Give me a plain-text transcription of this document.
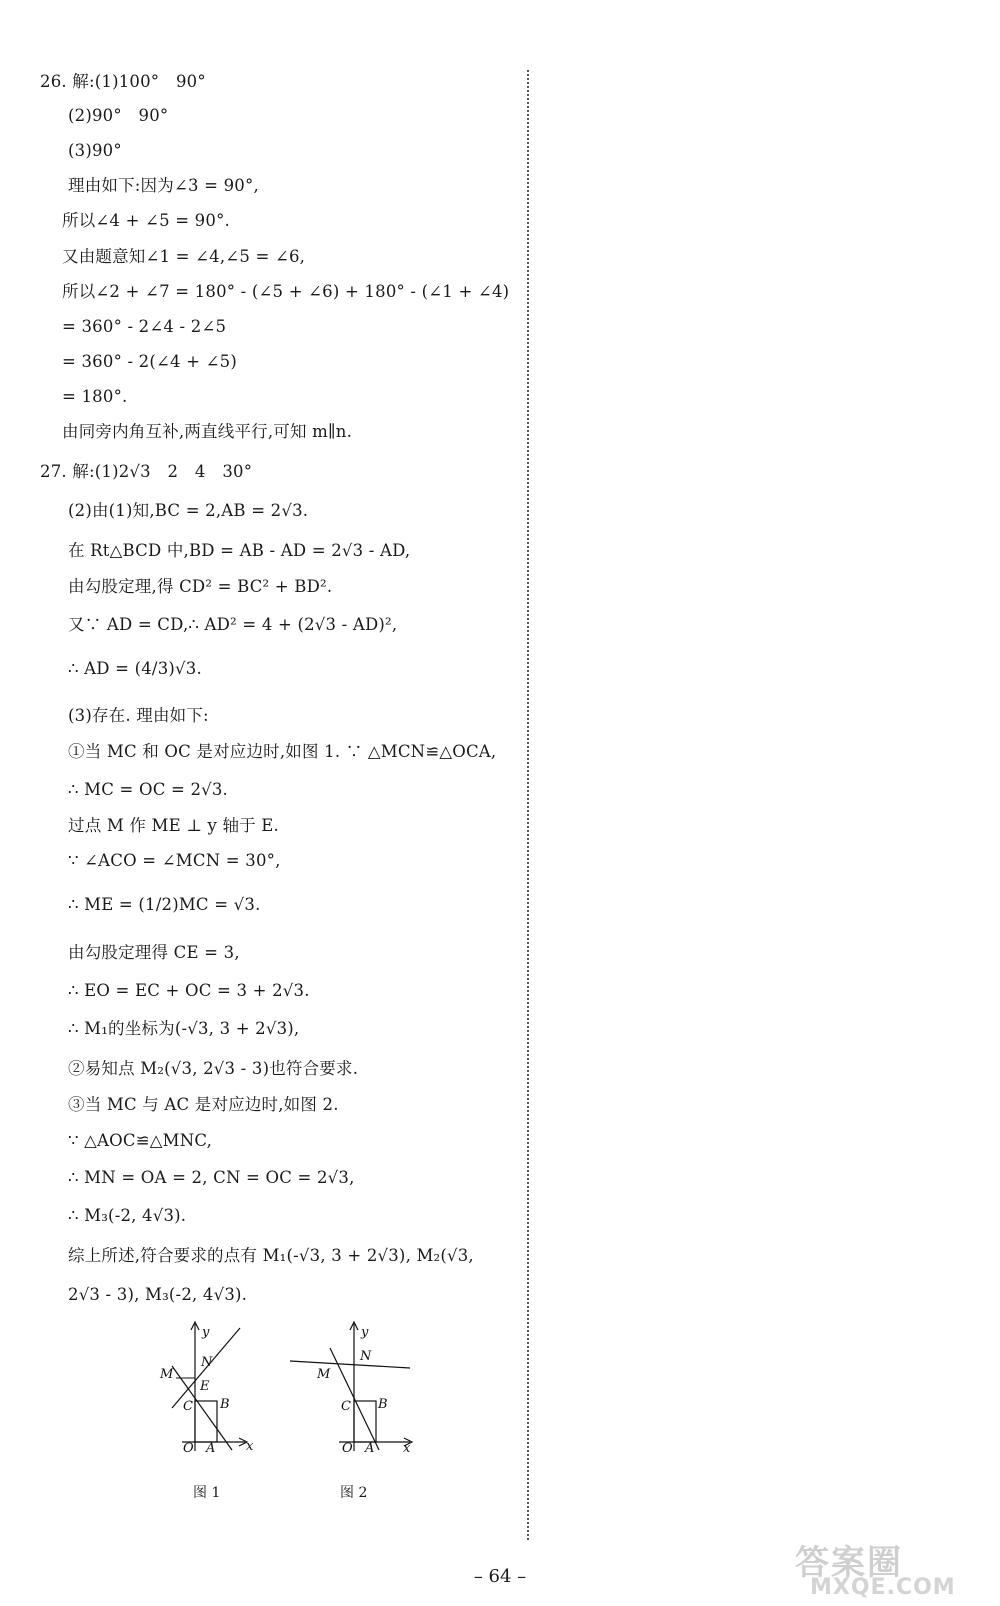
26. 解:(1)100°　90°
(2)90°　90°
(3)90°
理由如下:因为∠3 = 90°,
所以∠4 + ∠5 = 90°.
又由题意知∠1 = ∠4,∠5 = ∠6,
所以∠2 + ∠7 = 180° - (∠5 + ∠6) + 180° - (∠1 + ∠4)
= 360° - 2∠4 - 2∠5
= 360° - 2(∠4 + ∠5)
= 180°.
由同旁内角互补,两直线平行,可知 m∥n.
27. 解:(1)2√3　2　4　30°
(2)由(1)知,BC = 2,AB = 2√3.
在 Rt△BCD 中,BD = AB - AD = 2√3 - AD,
由勾股定理,得 CD² = BC² + BD².
又∵ AD = CD,∴ AD² = 4 + (2√3 - AD)²,
∴ AD = (4/3)√3.
(3)存在. 理由如下:
①当 MC 和 OC 是对应边时,如图 1. ∵ △MCN≌△OCA,
∴ MC = OC = 2√3.
过点 M 作 ME ⊥ y 轴于 E.
∵ ∠ACO = ∠MCN = 30°,
∴ ME = (1/2)MC = √3.
由勾股定理得 CE = 3,
∴ EO = EC + OC = 3 + 2√3.
∴ M₁的坐标为(-√3, 3 + 2√3),
②易知点 M₂(√3, 2√3 - 3)也符合要求.
③当 MC 与 AC 是对应边时,如图 2.
∵ △AOC≌△MNC,
∴ MN = OA = 2, CN = OC = 2√3,
∴ M₃(-2, 4√3).
综上所述,符合要求的点有 M₁(-√3, 3 + 2√3), M₂(√3,
2√3 - 3), M₃(-2, 4√3).
y
x
M
N
E
C B
O A
图 1
y
x
M
N
C B
O A
图 2
– 64 –	答案圈
MXQE.COM
